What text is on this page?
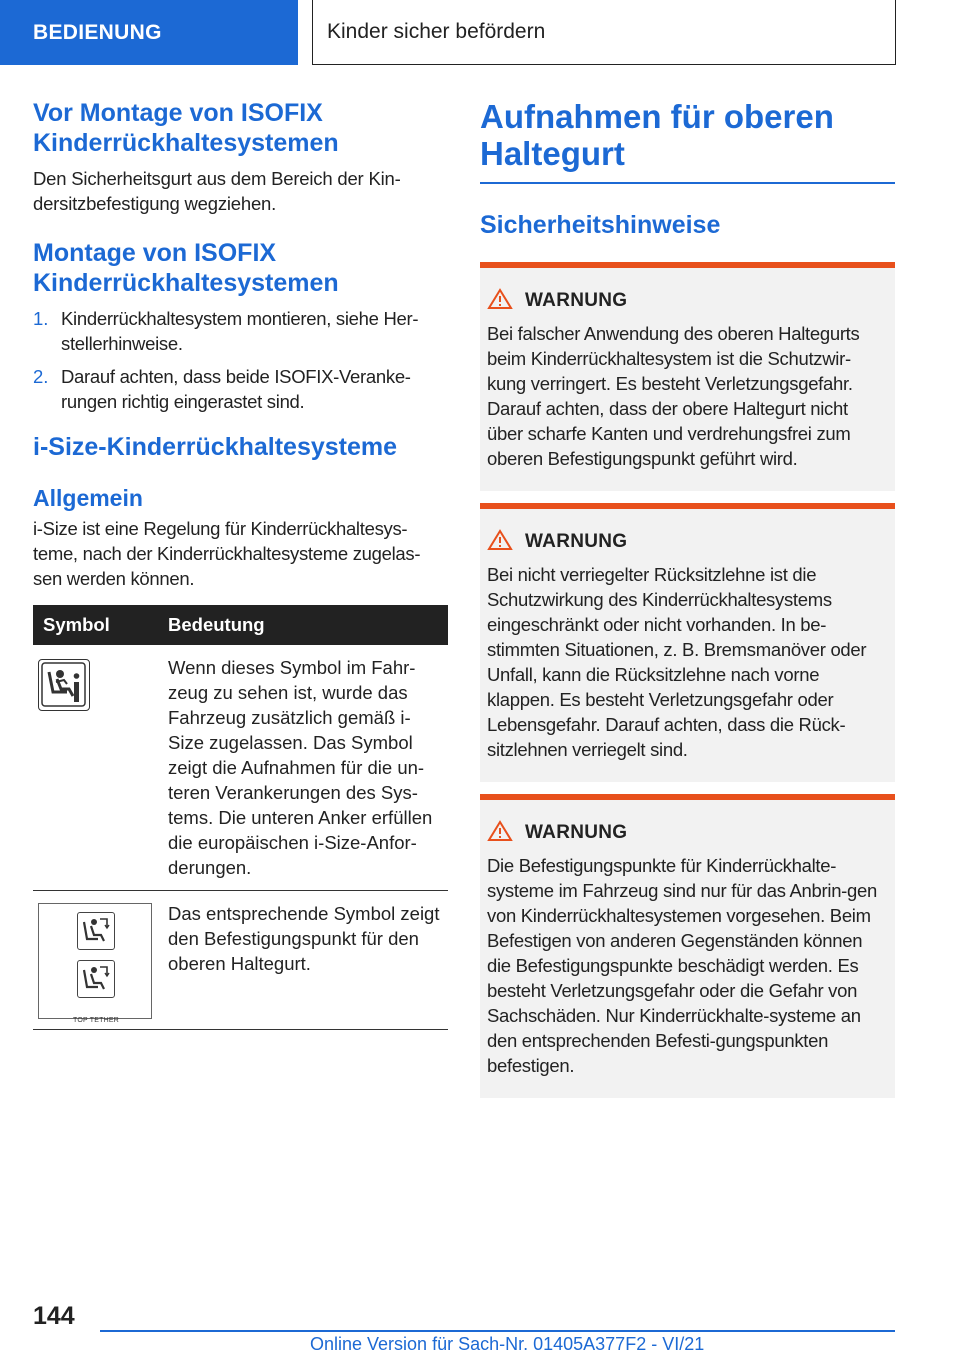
BEDIENUNG	Kinder sicher befördern
Vor Montage von ISOFIX Kinderrückhaltesystemen

Den Sicherheitsgurt aus dem Bereich der Kin-dersitzbefestigung wegziehen.

Montage von ISOFIX Kinderrückhaltesystemen
1. Kinderrückhaltesystem montieren, siehe Her-stellerhinweise.
2. Darauf achten, dass beide ISOFIX-Veranke-rungen richtig eingerastet sind.
i-Size-Kinderrückhaltesysteme
Allgemein

i-Size ist eine Regelung für Kinderrückhaltesys-teme, nach der Kinderrückhaltesysteme zugelas-sen werden können.

Symbol	Bedeutung

	Wenn dieses Symbol im Fahr-zeug zu sehen ist, wurde das Fahrzeug zusätzlich gemäß i-Size zugelassen. Das Symbol zeigt die Aufnahmen für die un-teren Verankerungen des Sys-tems. Die unteren Anker erfüllen die europäischen i-Size-Anfor-derungen.

TOP TETHER	Das entsprechende Symbol zeigt den Befestigungspunkt für den oberen Haltegurt.
Aufnahmen für oberen Haltegurt
Sicherheitshinweise
WARNUNG

Bei falscher Anwendung des oberen Haltegurts beim Kinderrückhaltesystem ist die Schutzwir-kung verringert. Es besteht Verletzungsgefahr. Darauf achten, dass der obere Haltegurt nicht über scharfe Kanten und verdrehungsfrei zum oberen Befestigungspunkt geführt wird.

WARNUNG

Bei nicht verriegelter Rücksitzlehne ist die Schutzwirkung des Kinderrückhaltesystems eingeschränkt oder nicht vorhanden. In be-stimmten Situationen, z. B. Bremsmanöver oder Unfall, kann die Rücksitzlehne nach vorne klappen. Es besteht Verletzungsgefahr oder Lebensgefahr. Darauf achten, dass die Rück-sitzlehnen verriegelt sind.

WARNUNG

Die Befestigungspunkte für Kinderrückhalte-systeme im Fahrzeug sind nur für das Anbrin-gen von Kinderrückhaltesystemen vorgesehen. Beim Befestigen von anderen Gegenständen können die Befestigungspunkte beschädigt werden. Es besteht Verletzungsgefahr oder die Gefahr von Sachschäden. Nur Kinderrückhalte-systeme an den entsprechenden Befesti-gungspunkten befestigen.

144
Online Version für Sach-Nr. 01405A377F2 - VI/21
